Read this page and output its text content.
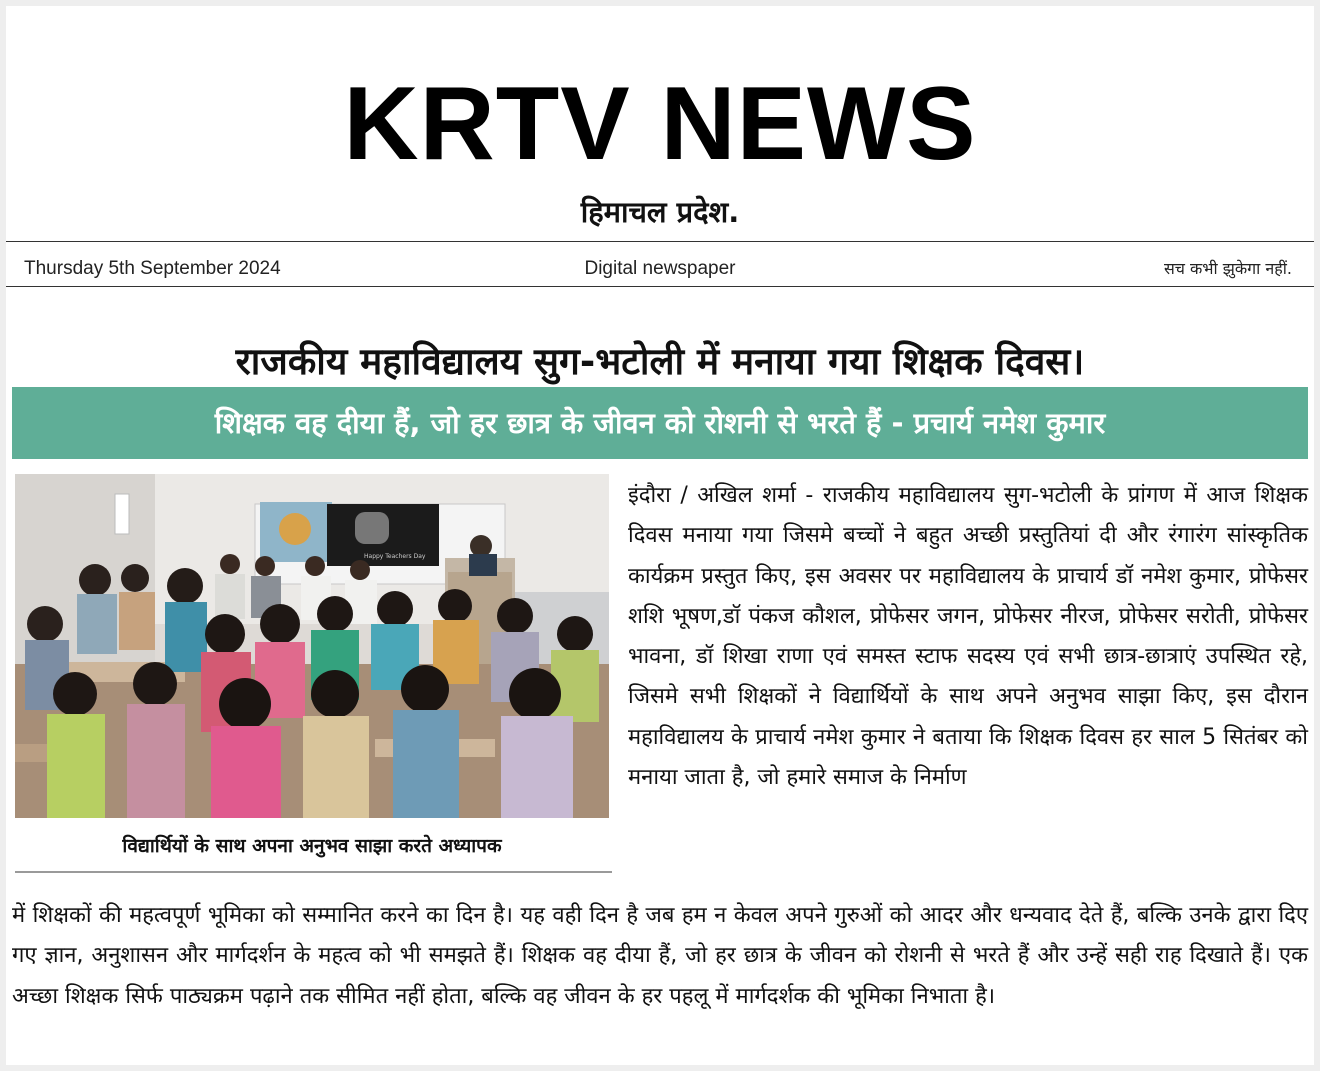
KRTV NEWS
हिमाचल प्रदेश.
Thursday 5th September 2024	Digital newspaper	सच कभी झुकेगा नहीं.
राजकीय महाविद्यालय सुग-भटोली में मनाया गया शिक्षक दिवस।
शिक्षक वह दीया हैं, जो हर छात्र के जीवन को रोशनी से भरते हैं - प्रचार्य नमेश कुमार
Happy Teachers Day
विद्यार्थियों के साथ अपना अनुभव साझा करते अध्यापक

इंदौरा / अखिल शर्मा - राजकीय महाविद्यालय सुग-भटोली के प्रांगण में आज शिक्षक दिवस मनाया गया जिसमे बच्चों ने बहुत अच्छी प्रस्तुतियां दी और रंगारंग सांस्कृतिक कार्यक्रम प्रस्तुत किए, इस अवसर पर महाविद्यालय के प्राचार्य डॉ नमेश कुमार, प्रोफेसर शशि भूषण,डॉ पंकज कौशल, प्रोफेसर जगन, प्रोफेसर नीरज, प्रोफेसर सरोती, प्रोफेसर भावना, डॉ शिखा राणा एवं समस्त स्टाफ सदस्य एवं सभी छात्र-छात्राएं उपस्थित रहे, जिसमे सभी शिक्षकों ने विद्यार्थियों के साथ अपने अनुभव साझा किए, इस दौरान महाविद्यालय के प्राचार्य नमेश कुमार ने बताया कि शिक्षक दिवस हर साल 5 सितंबर को मनाया जाता है, जो हमारे समाज के निर्माण

में शिक्षकों की महत्वपूर्ण भूमिका को सम्मानित करने का दिन है। यह वही दिन है जब हम न केवल अपने गुरुओं को आदर और धन्यवाद देते हैं, बल्कि उनके द्वारा दिए गए ज्ञान, अनुशासन और मार्गदर्शन के महत्व को भी समझते हैं। शिक्षक वह दीया हैं, जो हर छात्र के जीवन को रोशनी से भरते हैं और उन्हें सही राह दिखाते हैं। एक अच्छा शिक्षक सिर्फ पाठ्यक्रम पढ़ाने तक सीमित नहीं होता, बल्कि वह जीवन के हर पहलू में मार्गदर्शक की भूमिका निभाता है।
